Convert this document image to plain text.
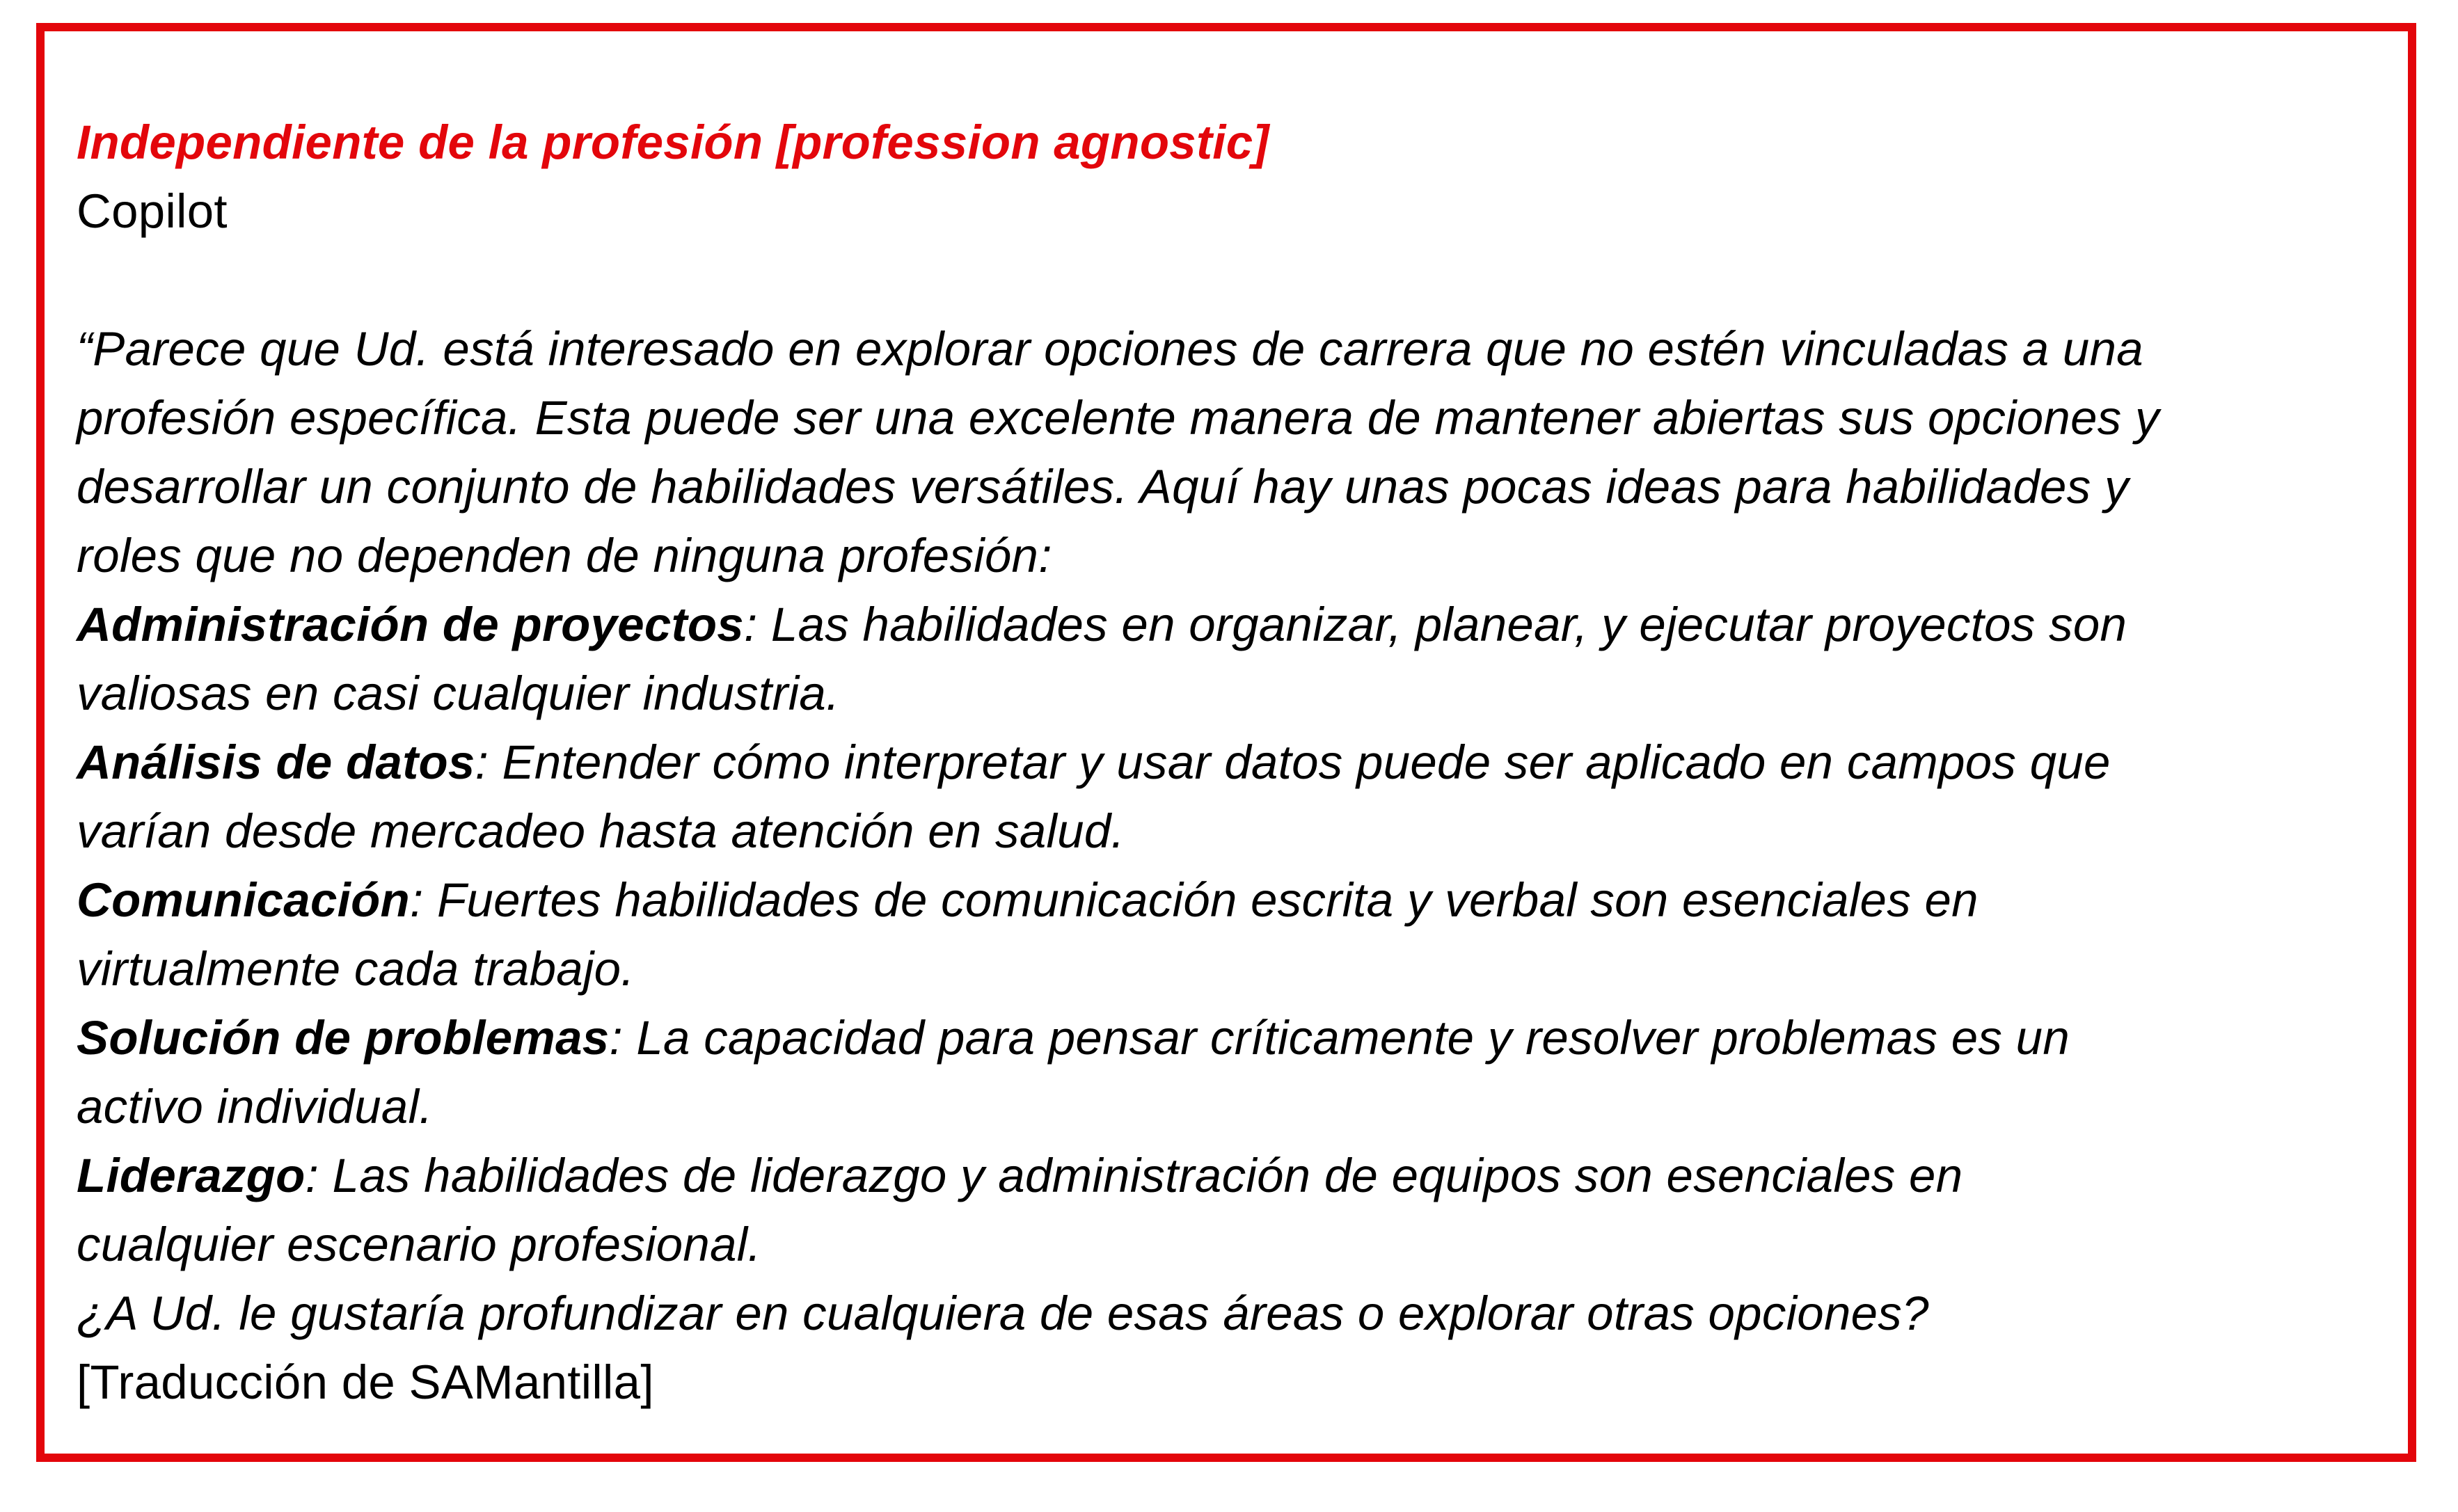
Independiente de la profesión [profession agnostic]
Copilot
“Parece que Ud. está interesado en explorar opciones de carrera que no estén vinculadas a una
profesión específica. Esta puede ser una excelente manera de mantener abiertas sus opciones y
desarrollar un conjunto de habilidades versátiles. Aquí hay unas pocas ideas para habilidades y
roles que no dependen de ninguna profesión:
Administración de proyectos: Las habilidades en organizar, planear, y ejecutar proyectos son
valiosas en casi cualquier industria.
Análisis de datos: Entender cómo interpretar y usar datos puede ser aplicado en campos que
varían desde mercadeo hasta atención en salud.
Comunicación: Fuertes habilidades de comunicación escrita y verbal son esenciales en
virtualmente cada trabajo.
Solución de problemas: La capacidad para pensar críticamente y resolver problemas es un
activo individual.
Liderazgo: Las habilidades de liderazgo y administración de equipos son esenciales en
cualquier escenario profesional.
¿A Ud. le gustaría profundizar en cualquiera de esas áreas o explorar otras opciones?
[Traducción de SAMantilla]
